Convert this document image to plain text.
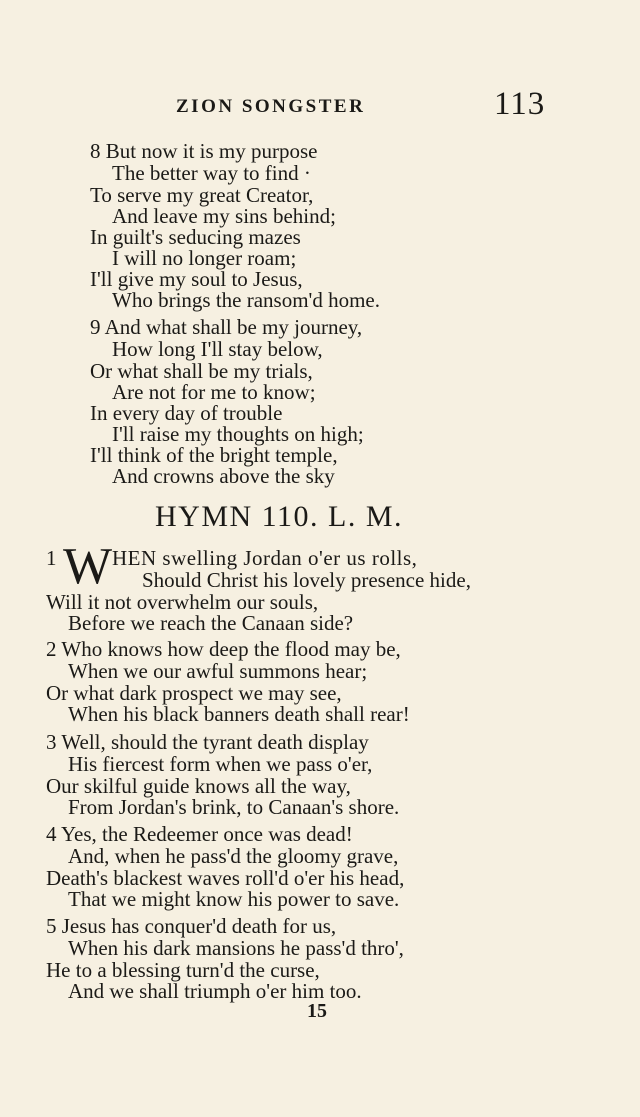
ZION SONGSTER	113
8 But now it is my purpose
The better way to find ·
To serve my great Creator,
And leave my sins behind;
In guilt's seducing mazes
I will no longer roam;
I'll give my soul to Jesus,
Who brings the ransom'd home.
9 And what shall be my journey,
How long I'll stay below,
Or what shall be my trials,
Are not for me to know;
In every day of trouble
I'll raise my thoughts on high;
I'll think of the bright temple,
And crowns above the sky
HYMN 110. L. M.
1 W HEN swelling Jordan o'er us rolls,
Should Christ his lovely presence hide,
Will it not overwhelm our souls,
Before we reach the Canaan side?
2 Who knows how deep the flood may be,
When we our awful summons hear;
Or what dark prospect we may see,
When his black banners death shall rear!
3 Well, should the tyrant death display
His fiercest form when we pass o'er,
Our skilful guide knows all the way,
From Jordan's brink, to Canaan's shore.
4 Yes, the Redeemer once was dead!
And, when he pass'd the gloomy grave,
Death's blackest waves roll'd o'er his head,
That we might know his power to save.
5 Jesus has conquer'd death for us,
When his dark mansions he pass'd thro',
He to a blessing turn'd the curse,
And we shall triumph o'er him too.
15
